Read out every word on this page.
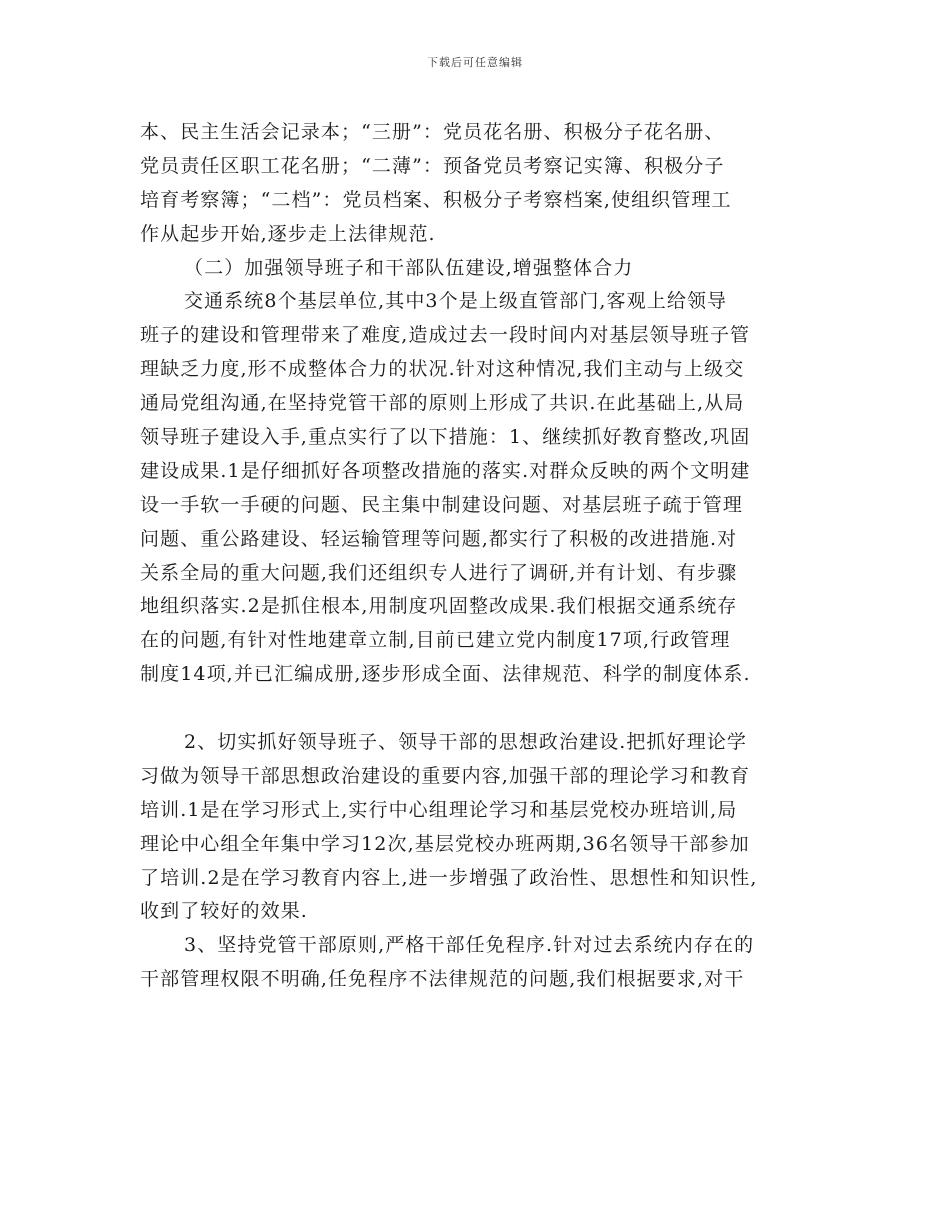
下载后可任意编辑
本、民主生活会记录本；“三册”：党员花名册、积极分子花名册、
党员责任区职工花名册；“二薄”：预备党员考察记实簿、积极分子
培育考察簿；“二档”：党员档案、积极分子考察档案,使组织管理工
作从起步开始,逐步走上法律规范.
（二）加强领导班子和干部队伍建设,增强整体合力
交通系统8个基层单位,其中3个是上级直管部门,客观上给领导
班子的建设和管理带来了难度,造成过去一段时间内对基层领导班子管
理缺乏力度,形不成整体合力的状况.针对这种情况,我们主动与上级交
通局党组沟通,在坚持党管干部的原则上形成了共识.在此基础上,从局
领导班子建设入手,重点实行了以下措施：1、继续抓好教育整改,巩固
建设成果.1是仔细抓好各项整改措施的落实.对群众反映的两个文明建
设一手软一手硬的问题、民主集中制建设问题、对基层班子疏于管理
问题、重公路建设、轻运输管理等问题,都实行了积极的改进措施.对
关系全局的重大问题,我们还组织专人进行了调研,并有计划、有步骤
地组织落实.2是抓住根本,用制度巩固整改成果.我们根据交通系统存
在的问题,有针对性地建章立制,目前已建立党内制度17项,行政管理
制度14项,并已汇编成册,逐步形成全面、法律规范、科学的制度体系.
2、切实抓好领导班子、领导干部的思想政治建设.把抓好理论学
习做为领导干部思想政治建设的重要内容,加强干部的理论学习和教育
培训.1是在学习形式上,实行中心组理论学习和基层党校办班培训,局
理论中心组全年集中学习12次,基层党校办班两期,36名领导干部参加
了培训.2是在学习教育内容上,进一步增强了政治性、思想性和知识性,
收到了较好的效果.
3、坚持党管干部原则,严格干部任免程序.针对过去系统内存在的
干部管理权限不明确,任免程序不法律规范的问题,我们根据要求,对干
